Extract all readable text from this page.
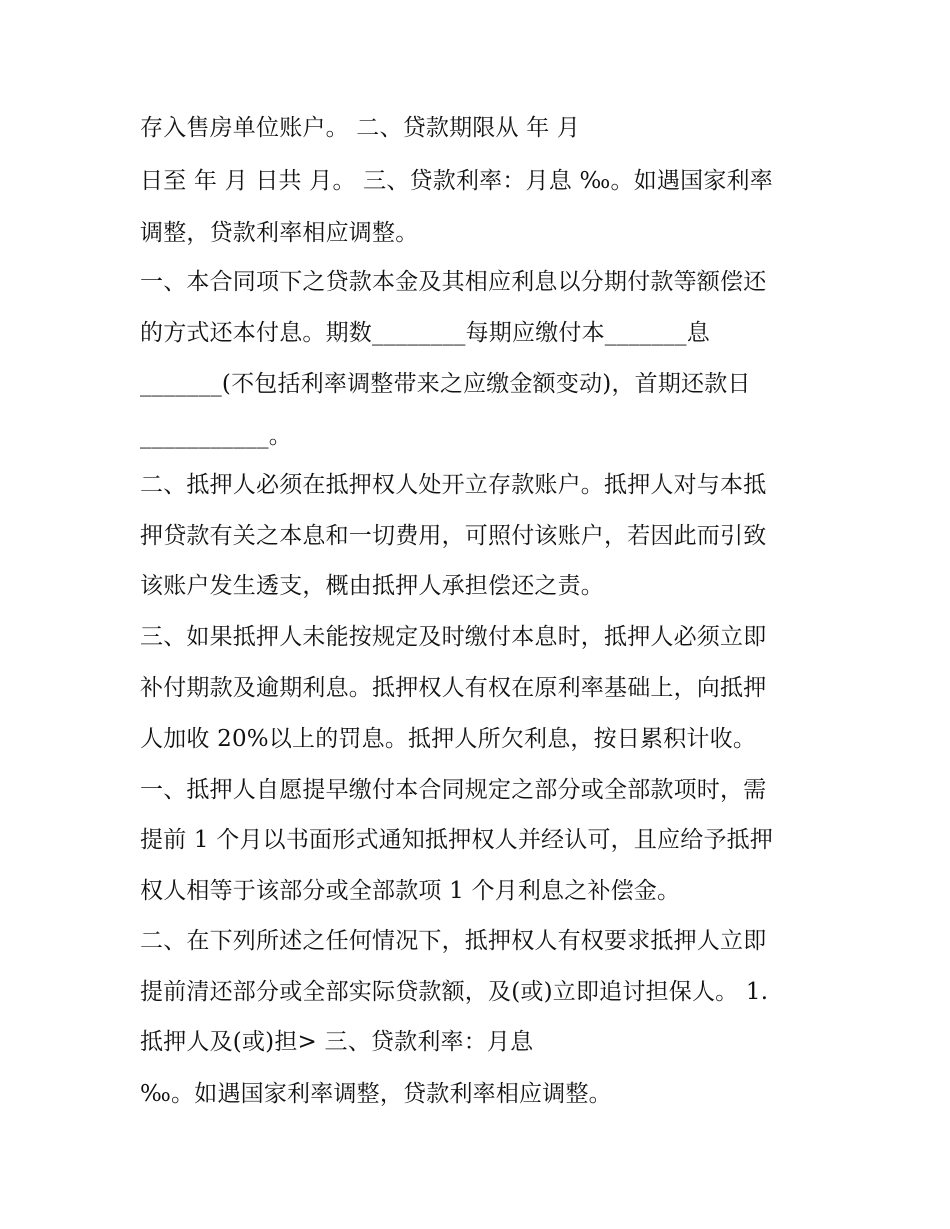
存入售房单位账户。 二、贷款期限从 年 月
日至 年 月 日共 月。 三、贷款利率：月息 ‰。如遇国家利率
调整，贷款利率相应调整。
一、本合同项下之贷款本金及其相应利息以分期付款等额偿还
的方式还本付息。期数________每期应缴付本_______息
_______(不包括利率调整带来之应缴金额变动)，首期还款日
___________。
二、抵押人必须在抵押权人处开立存款账户。抵押人对与本抵
押贷款有关之本息和一切费用，可照付该账户，若因此而引致
该账户发生透支，概由抵押人承担偿还之责。
三、如果抵押人未能按规定及时缴付本息时，抵押人必须立即
补付期款及逾期利息。抵押权人有权在原利率基础上，向抵押
人加收 20%以上的罚息。抵押人所欠利息，按日累积计收。
一、抵押人自愿提早缴付本合同规定之部分或全部款项时，需
提前 1 个月以书面形式通知抵押权人并经认可，且应给予抵押
权人相等于该部分或全部款项 1 个月利息之补偿金。
二、在下列所述之任何情况下，抵押权人有权要求抵押人立即
提前清还部分或全部实际贷款额，及(或)立即追讨担保人。 1.
抵押人及(或)担> 三、贷款利率：月息
‰。如遇国家利率调整，贷款利率相应调整。
